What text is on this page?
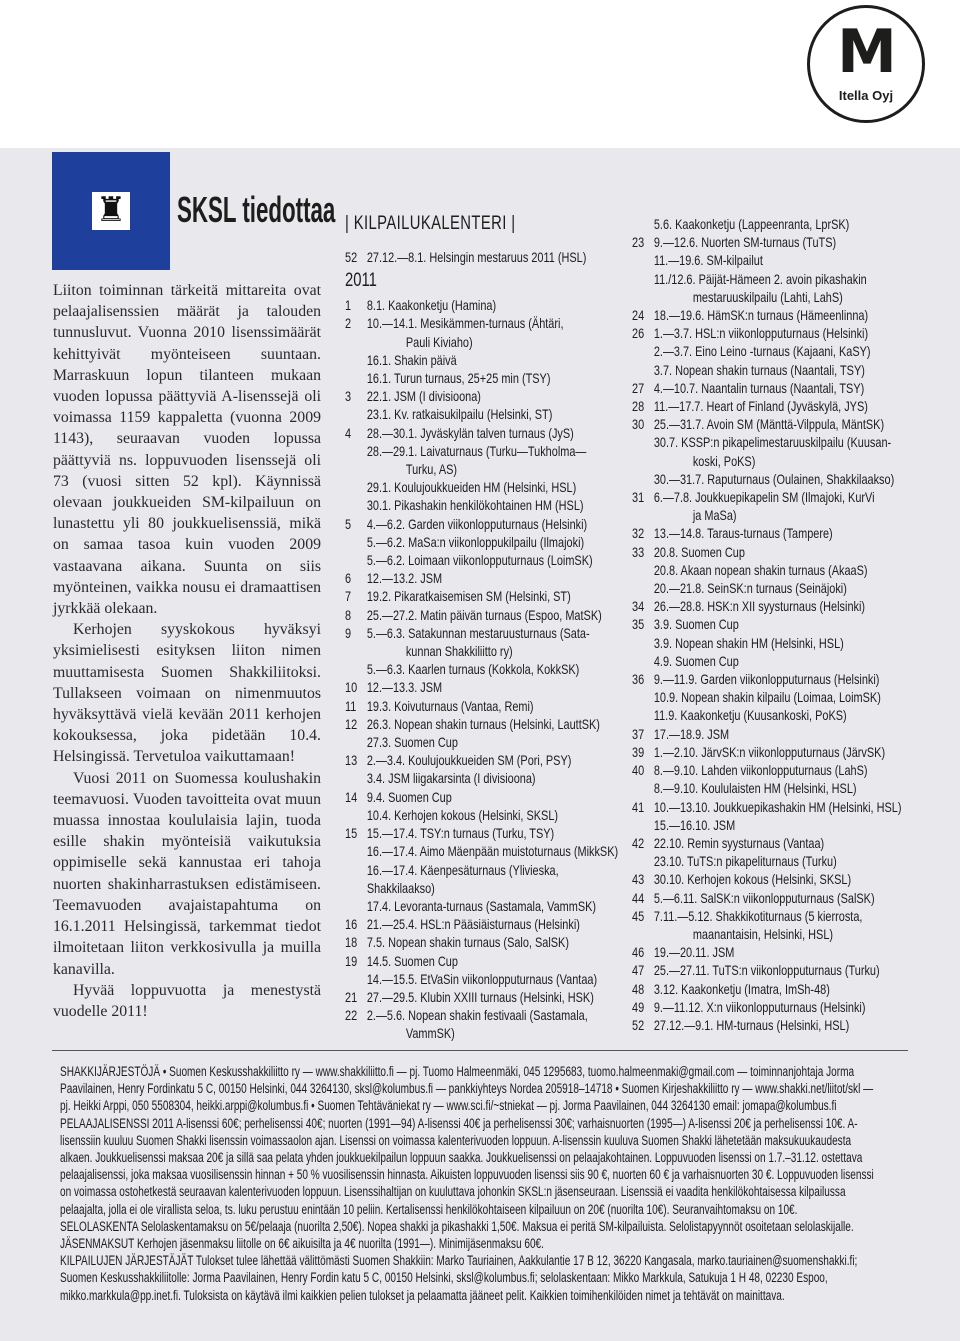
M
Itella Oyj
♜ SKSL tiedottaa

Liiton toiminnan tärkeitä mittareita ovat pelaajalisenssien määrät ja talouden tunnusluvut. Vuonna 2010 lisenssimäärät kehittyivät myönteiseen suuntaan. Marraskuun lopun tilanteen mukaan vuoden lopussa päättyviä A-lisenssejä oli voimassa 1159 kappaletta (vuonna 2009 1143), seuraavan vuoden lopussa päättyviä ns. loppuvuoden lisenssejä oli 73 (vuosi sitten 52 kpl). Käynnissä olevaan joukkueiden SM-kilpailuun on lunastettu yli 80 joukkuelisenssiä, mikä on samaa tasoa kuin vuoden 2009 vastaavana aikana. Suunta on siis myönteinen, vaikka nousu ei dramaattisen jyrkkää olekaan.

Kerhojen syyskokous hyväksyi yksimielisesti esityksen liiton nimen muuttamisesta Suomen Shakkiliitoksi. Tullakseen voimaan on nimenmuutos hyväksyttävä vielä kevään 2011 kerhojen kokouksessa, joka pidetään 10.4. Helsingissä. Tervetuloa vaikuttamaan!

Vuosi 2011 on Suomessa koulushakin teemavuosi. Vuoden tavoitteita ovat muun muassa innostaa koululaisia lajin, tuoda esille shakin myönteisiä vaikutuksia oppimiselle sekä kannustaa eri tahoja nuorten shakinharrastuksen edistämiseen. Teemavuoden avajaistapahtuma on 16.1.2011 Helsingissä, tarkemmat tiedot ilmoitetaan liiton verkkosivulla ja muilla kanavilla.

Hyvää loppuvuotta ja menestystä vuodelle 2011!

| KILPAILUKALENTERI |
52 27.12.—8.1. Helsingin mestaruus 2011 (HSL)
2011
1	8.1. Kaakonketju (Hamina)
2	10.—14.1. Mesikämmen-turnaus (Ähtäri,
Pauli Kiviaho)
16.1. Shakin päivä
16.1. Turun turnaus, 25+25 min (TSY)
3	22.1. JSM (I divisioona)
23.1. Kv. ratkaisukilpailu (Helsinki, ST)
4	28.—30.1. Jyväskylän talven turnaus (JyS)
28.—29.1. Laivaturnaus (Turku—Tukholma—
Turku, AS)
29.1. Koulujoukkueiden HM (Helsinki, HSL)
30.1. Pikashakin henkilökohtainen HM (HSL)
5	4.—6.2. Garden viikonlopputurnaus (Helsinki)
5.—6.2. MaSa:n viikonloppukilpailu (Ilmajoki)
5.—6.2. Loimaan viikonlopputurnaus (LoimSK)
6	12.—13.2. JSM
7	19.2. Pikaratkaisemisen SM (Helsinki, ST)
8	25.—27.2. Matin päivän turnaus (Espoo, MatSK)
9	5.—6.3. Satakunnan mestaruusturnaus (Sata-
kunnan Shakkiliitto ry)
5.—6.3. Kaarlen turnaus (Kokkola, KokkSK)
10 12.—13.3. JSM
11 19.3. Koivuturnaus (Vantaa, Remi)
12 26.3. Nopean shakin turnaus (Helsinki, LauttSK)
27.3. Suomen Cup
13 2.—3.4. Koulujoukkueiden SM (Pori, PSY)
3.4. JSM liigakarsinta (I divisioona)
14 9.4. Suomen Cup
10.4. Kerhojen kokous (Helsinki, SKSL)
15 15.—17.4. TSY:n turnaus (Turku, TSY)
16.—17.4. Aimo Mäenpään muistoturnaus (MikkSK)
16.—17.4. Käenpesäturnaus (Ylivieska, Shakkilaakso)
17.4. Levoranta-turnaus (Sastamala, VammSK)
16 21.—25.4. HSL:n Pääsiäisturnaus (Helsinki)
18 7.5. Nopean shakin turnaus (Salo, SalSK)
19 14.5. Suomen Cup
14.—15.5. EtVaSin viikonlopputurnaus (Vantaa)
21 27.—29.5. Klubin XXIII turnaus (Helsinki, HSK)
22 2.—5.6. Nopean shakin festivaali (Sastamala,
VammSK)
5.6. Kaakonketju (Lappeenranta, LprSK)
23 9.—12.6. Nuorten SM-turnaus (TuTS)
11.—19.6. SM-kilpailut
11./12.6. Päijät-Hämeen 2. avoin pikashakin
mestaruuskilpailu (Lahti, LahS)
24 18.—19.6. HämSK:n turnaus (Hämeenlinna)
26 1.—3.7. HSL:n viikonlopputurnaus (Helsinki)
2.—3.7. Eino Leino -turnaus (Kajaani, KaSY)
3.7. Nopean shakin turnaus (Naantali, TSY)
27 4.—10.7. Naantalin turnaus (Naantali, TSY)
28 11.—17.7. Heart of Finland (Jyväskylä, JYS)
30 25.—31.7. Avoin SM (Mänttä-Vilppula, MäntSK)
30.7. KSSP:n pikapelimestaruuskilpailu (Kuusan-
koski, PoKS)
30.—31.7. Raputurnaus (Oulainen, Shakkilaakso)
31 6.—7.8. Joukkuepikapelin SM (Ilmajoki, KurVi
ja MaSa)
32 13.—14.8. Taraus-turnaus (Tampere)
33 20.8. Suomen Cup
20.8. Akaan nopean shakin turnaus (AkaaS)
20.—21.8. SeinSK:n turnaus (Seinäjoki)
34 26.—28.8. HSK:n XII syysturnaus (Helsinki)
35 3.9. Suomen Cup
3.9. Nopean shakin HM (Helsinki, HSL)
4.9. Suomen Cup
36 9.—11.9. Garden viikonlopputurnaus (Helsinki)
10.9. Nopean shakin kilpailu (Loimaa, LoimSK)
11.9. Kaakonketju (Kuusankoski, PoKS)
37 17.—18.9. JSM
39 1.—2.10. JärvSK:n viikonlopputurnaus (JärvSK)
40 8.—9.10. Lahden viikonlopputurnaus (LahS)
8.—9.10. Koululaisten HM (Helsinki, HSL)
41 10.—13.10. Joukkuepikashakin HM (Helsinki, HSL)
15.—16.10. JSM
42 22.10. Remin syysturnaus (Vantaa)
23.10. TuTS:n pikapeliturnaus (Turku)
43 30.10. Kerhojen kokous (Helsinki, SKSL)
44 5.—6.11. SalSK:n viikonlopputurnaus (SalSK)
45 7.11.—5.12. Shakkikotiturnaus (5 kierrosta,
maanantaisin, Helsinki, HSL)
46 19.—20.11. JSM
47 25.—27.11. TuTS:n viikonlopputurnaus (Turku)
48 3.12. Kaakonketju (Imatra, ImSh-48)
49 9.—11.12. X:n viikonlopputurnaus (Helsinki)
52 27.12.—9.1. HM-turnaus (Helsinki, HSL)

SHAKKIJÄRJESTÖJÄ • Suomen Keskusshakkiliitto ry — www.shakkiliitto.fi — pj. Tuomo Halmeenmäki, 045 1295683, tuomo.halmeenmaki@gmail.com — toiminnanjohtaja Jorma Paavilainen, Henry Fordinkatu 5 C, 00150 Helsinki, 044 3264130, sksl@kolumbus.fi — pankkiyhteys Nordea 205918–14718 • Suomen Kirjeshakkiliitto ry — www.shakki.net/liitot/skl — pj. Heikki Arppi, 050 5508304, heikki.arppi@kolumbus.fi • Suomen Tehtäväniekat ry — www.sci.fi/~stniekat — pj. Jorma Paavilainen, 044 3264130 email: jomapa@kolumbus.fi

PELAAJALISENSSI 2011 A-lisenssi 60€; perhelisenssi 40€; nuorten (1991—94) A-lisenssi 40€ ja perhelisenssi 30€; varhaisnuorten (1995—) A-lisenssi 20€ ja perhelisenssi 10€. A-lisenssiin kuuluu Suomen Shakki lisenssin voimassaolon ajan. Lisenssi on voimassa kalenterivuoden loppuun. A-lisenssin kuuluva Suomen Shakki lähetetään maksukuukaudesta alkaen. Joukkuelisenssi maksaa 20€ ja sillä saa pelata yhden joukkuekilpailun loppuun saakka. Joukkuelisenssi on pelaajakohtainen. Loppuvuoden lisenssi on 1.7.–31.12. ostettava pelaajalisenssi, joka maksaa vuosilisenssin hinnan + 50 % vuosilisenssin hinnasta. Aikuisten loppuvuoden lisenssi siis 90 €, nuorten 60 € ja varhaisnuorten 30 €. Loppuvuoden lisenssi on voimassa ostohetkestä seuraavan kalenterivuoden loppuun. Lisenssihaltijan on kuuluttava johonkin SKSL:n jäsenseuraan. Lisenssiä ei vaadita henkilökohtaisessa kilpailussa pelaajalta, jolla ei ole virallista seloa, ts. luku perustuu enintään 10 peliin. Kertalisenssi henkilökohtaiseen kilpailuun on 20€ (nuorilta 10€). Seuranvaihtomaksu on 10€.

SELOLASKENTA Selolaskentamaksu on 5€/pelaaja (nuorilta 2,50€). Nopea shakki ja pikashakki 1,50€. Maksua ei peritä SM-kilpailuista. Selolistapyynnöt osoitetaan selolaskijalle.

JÄSENMAKSUT Kerhojen jäsenmaksu liitolle on 6€ aikuisilta ja 4€ nuorilta (1991—). Minimijäsenmaksu 60€.

KILPAILUJEN JÄRJESTÄJÄT Tulokset tulee lähettää välittömästi Suomen Shakkiin: Marko Tauriainen, Aakkulantie 17 B 12, 36220 Kangasala, marko.tauriainen@suomenshakki.fi; Suomen Keskusshakkiliitolle: Jorma Paavilainen, Henry Fordin katu 5 C, 00150 Helsinki, sksl@kolumbus.fi; selolaskentaan: Mikko Markkula, Satukuja 1 H 48, 02230 Espoo, mikko.markkula@pp.inet.fi. Tuloksista on käytävä ilmi kaikkien pelien tulokset ja pelaamatta jääneet pelit. Kaikkien toimihenkilöiden nimet ja tehtävät on mainittava.
